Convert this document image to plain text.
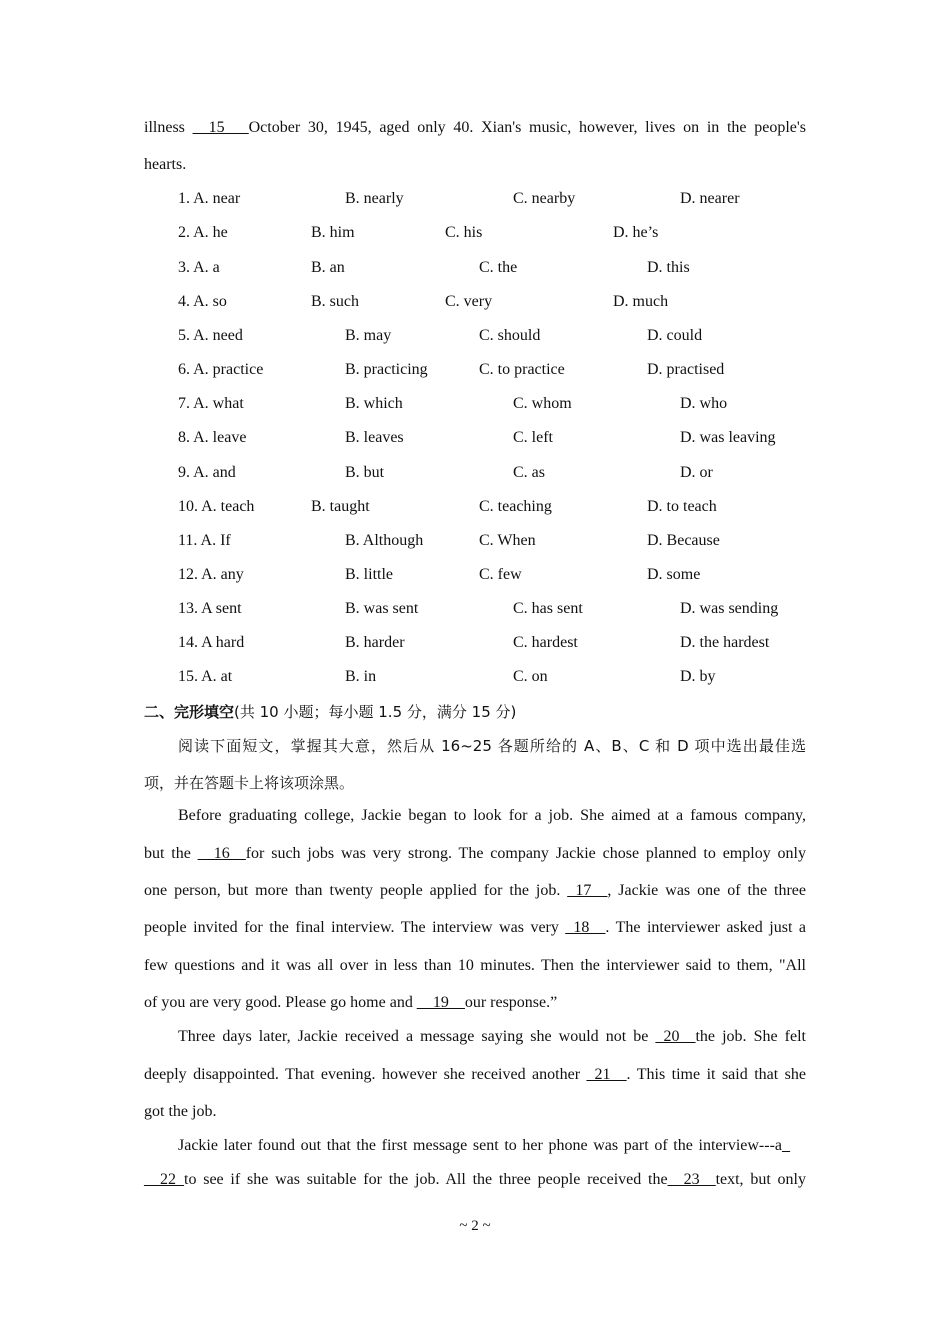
illness __15___October 30, 1945, aged only 40. Xian's music, however, lives on in the people's
hearts.
1. A. near	B. nearly	C. nearby	D. nearer
2. A. he	B. him	C. his	D. he’s
3. A. a	B. an	C. the	D. this
4. A. so	B. such	C. very	D. much
5. A. need	B. may	C. should	D. could
6. A. practice	B. practicing	C. to practice	D. practised
7. A. what	B. which	C. whom	D. who
8. A. leave	B. leaves	C. left	D. was leaving
9. A. and	B. but	C. as	D. or
10. A. teach	B. taught	C. teaching	D. to teach
11. A. If	B. Although	C. When	D. Because
12. A. any	B. little	C. few	D. some
13. A sent	B. was sent	C. has sent	D. was sending
14. A hard	B. harder	C. hardest	D. the hardest
15. A. at	B. in	C. on	D. by
二、完形填空(共 10 小题；每小题 1.5 分，满分 15 分)
阅读下面短文，掌握其大意，然后从 16~25 各题所给的 A、B、C 和 D 项中选出最佳选
项，并在答题卡上将该项涂黑。
Before graduating college, Jackie began to look for a job. She aimed at a famous company,
but the __16__for such jobs was very strong. The company Jackie chose planned to employ only
one person, but more than twenty people applied for the job. _17__, Jackie was one of the three
people invited for the final interview. The interview was very _18__. The interviewer asked just a
few questions and it was all over in less than 10 minutes. Then the interviewer said to them, "All
of you are very good. Please go home and __19__our response.”
Three days later, Jackie received a message saying she would not be _20__the job. She felt
deeply disappointed. That evening. however she received another _21__. This time it said that she
got the job.
Jackie later found out that the first message sent to her phone was part of the interview---a_
__22_to see if she was suitable for the job. All the three people received the__23__text, but only
~ 2 ~
